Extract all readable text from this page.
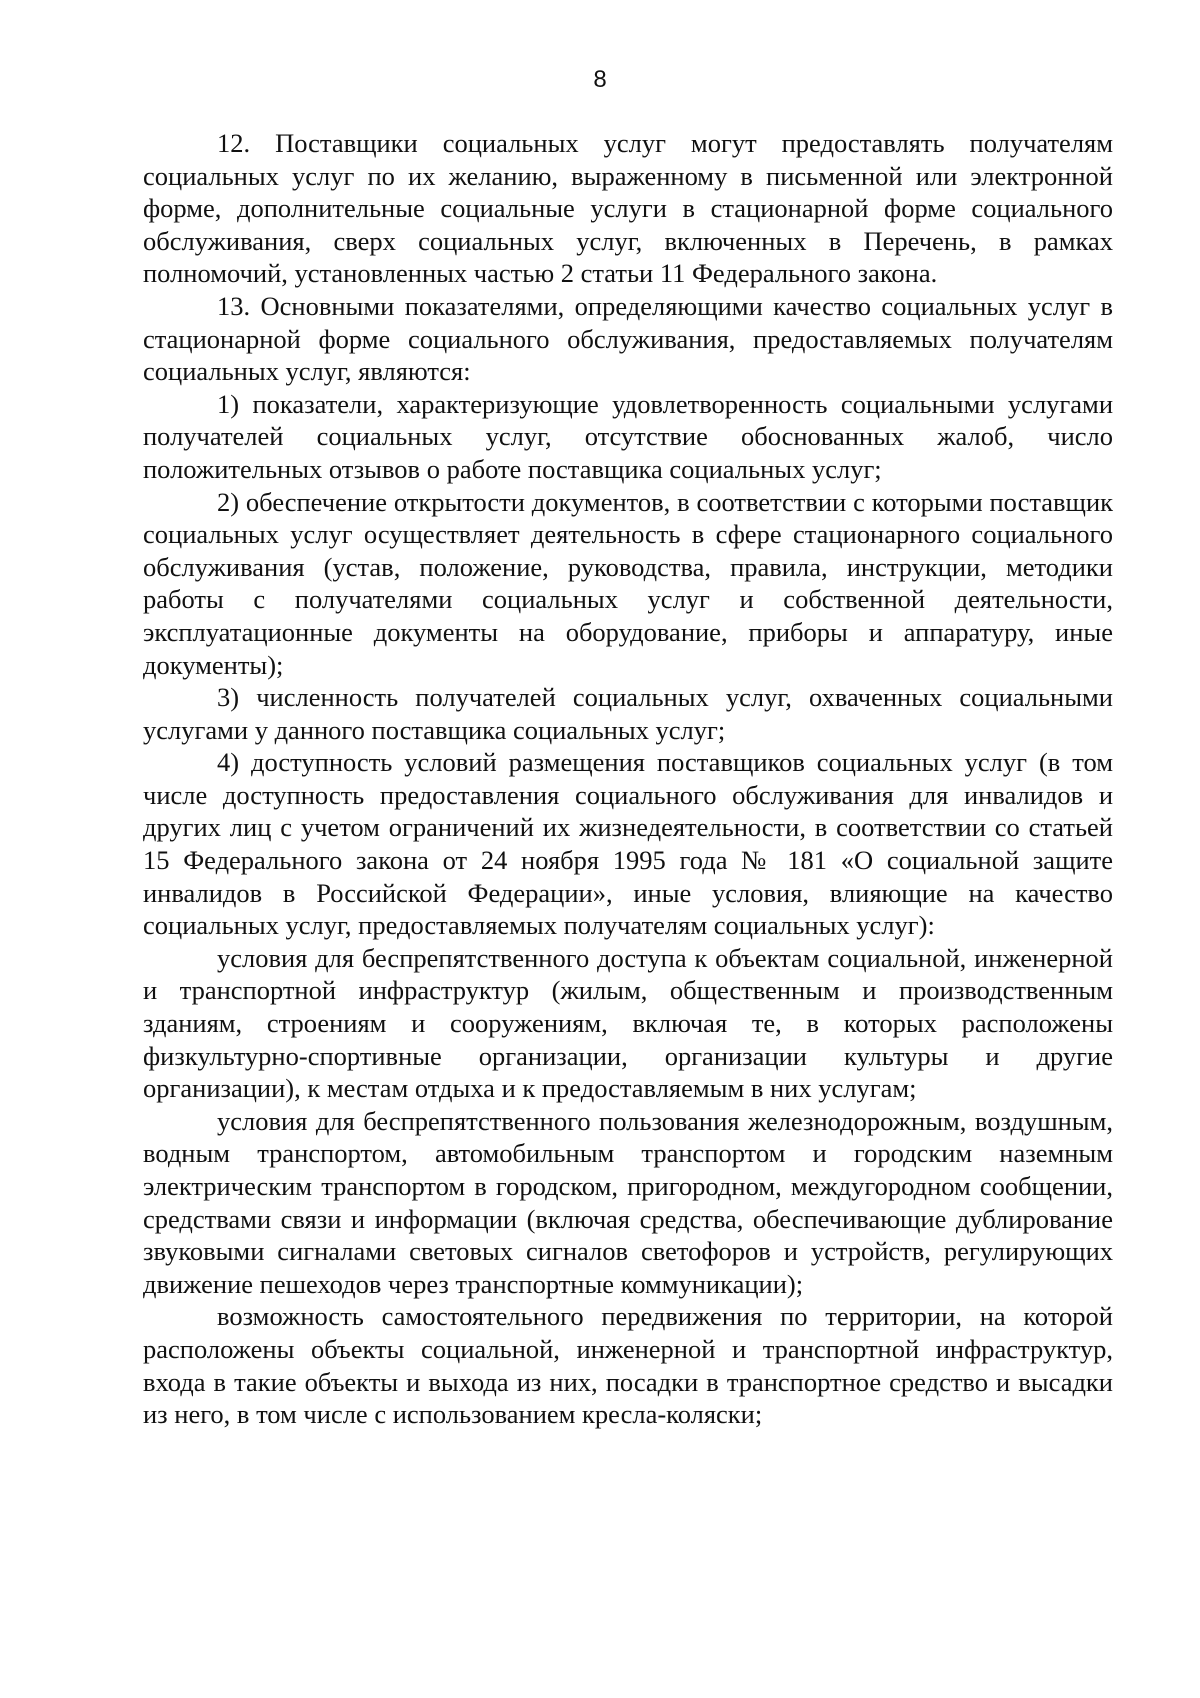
8

12. Поставщики социальных услуг могут предоставлять получателям социальных услуг по их желанию, выраженному в письменной или электронной форме, дополнительные социальные услуги в стационарной форме социального обслуживания, сверх социальных услуг, включенных в Перечень, в рамках полномочий, установленных частью 2 статьи 11 Федерального закона.

13. Основными показателями, определяющими качество социальных услуг в стационарной форме социального обслуживания, предоставляемых получателям социальных услуг, являются:

1) показатели, характеризующие удовлетворенность социальными услугами получателей социальных услуг, отсутствие обоснованных жалоб, число положительных отзывов о работе поставщика социальных услуг;

2) обеспечение открытости документов, в соответствии с которыми поставщик социальных услуг осуществляет деятельность в сфере стационарного социального обслуживания (устав, положение, руководства, правила, инструкции, методики работы с получателями социальных услуг и собственной деятельности, эксплуатационные документы на оборудование, приборы и аппаратуру, иные документы);

3) численность получателей социальных услуг, охваченных социальными услугами у данного поставщика социальных услуг;

4) доступность условий размещения поставщиков социальных услуг (в том числе доступность предоставления социального обслуживания для инвалидов и других лиц с учетом ограничений их жизнедеятельности, в соответствии со статьей 15 Федерального закона от 24 ноября 1995 года № 181 «О социальной защите инвалидов в Российской Федерации», иные условия, влияющие на качество социальных услуг, предоставляемых получателям социальных услуг):

условия для беспрепятственного доступа к объектам социальной, инженерной и транспортной инфраструктур (жилым, общественным и производственным зданиям, строениям и сооружениям, включая те, в которых расположены физкультурно-спортивные организации, организации культуры и другие организации), к местам отдыха и к предоставляемым в них услугам;

условия для беспрепятственного пользования железнодорожным, воздушным, водным транспортом, автомобильным транспортом и городским наземным электрическим транспортом в городском, пригородном, междугородном сообщении, средствами связи и информации (включая средства, обеспечивающие дублирование звуковыми сигналами световых сигналов светофоров и устройств, регулирующих движение пешеходов через транспортные коммуникации);

возможность самостоятельного передвижения по территории, на которой расположены объекты социальной, инженерной и транспортной инфраструктур, входа в такие объекты и выхода из них, посадки в транспортное средство и высадки из него, в том числе с использованием кресла-коляски;
